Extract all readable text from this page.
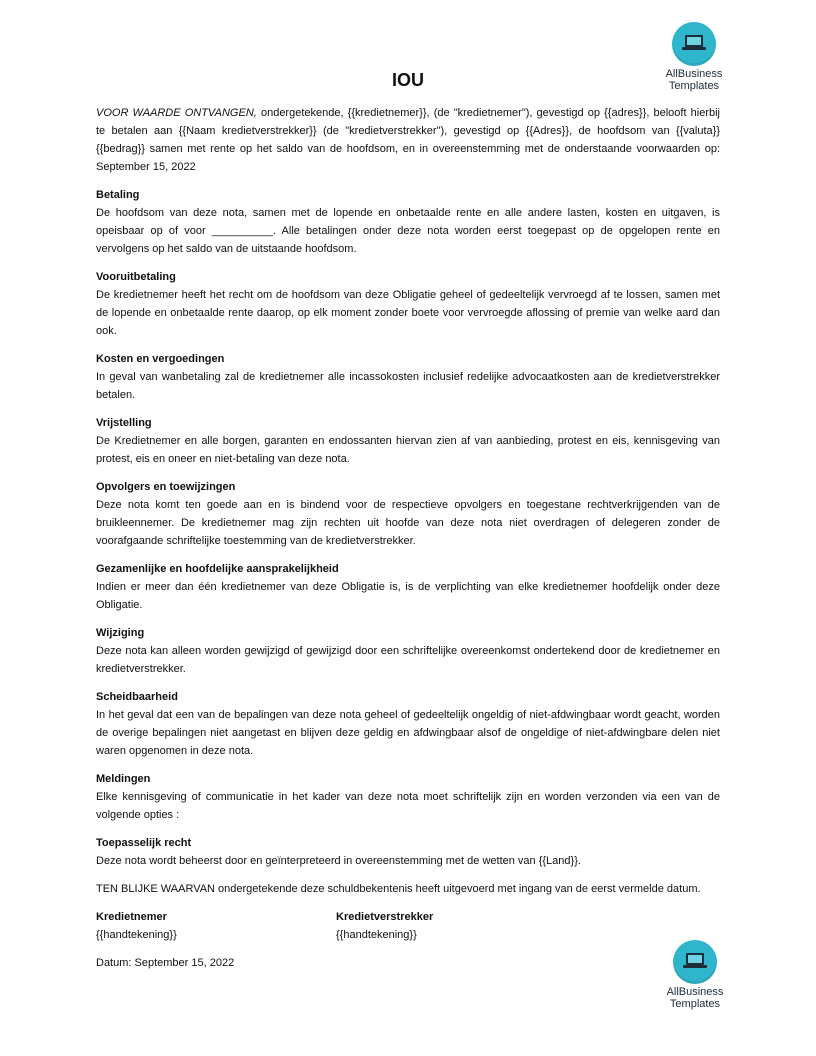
AllBusiness
Templates
IOU

VOOR WAARDE ONTVANGEN, ondergetekende, {{kredietnemer}}, (de "kredietnemer"), gevestigd op {{adres}}, belooft hierbij te betalen aan {{Naam kredietverstrekker}} (de "kredietverstrekker"), gevestigd op {{Adres}}, de hoofdsom van {{valuta}}{{bedrag}} samen met rente op het saldo van de hoofdsom, en in overeenstemming met de onderstaande voorwaarden op: September 15, 2022

Betaling

De hoofdsom van deze nota, samen met de lopende en onbetaalde rente en alle andere lasten, kosten en uitgaven, is opeisbaar op of voor __________. Alle betalingen onder deze nota worden eerst toegepast op de opgelopen rente en vervolgens op het saldo van de uitstaande hoofdsom.

Vooruitbetaling

De kredietnemer heeft het recht om de hoofdsom van deze Obligatie geheel of gedeeltelijk vervroegd af te lossen, samen met de lopende en onbetaalde rente daarop, op elk moment zonder boete voor vervroegde aflossing of premie van welke aard dan ook.

Kosten en vergoedingen

In geval van wanbetaling zal de kredietnemer alle incassokosten inclusief redelijke advocaatkosten aan de kredietverstrekker betalen.

Vrijstelling

De Kredietnemer en alle borgen, garanten en endossanten hiervan zien af van aanbieding, protest en eis, kennisgeving van protest, eis en oneer en niet-betaling van deze nota.

Opvolgers en toewijzingen

Deze nota komt ten goede aan en is bindend voor de respectieve opvolgers en toegestane rechtverkrijgenden van de bruikleennemer. De kredietnemer mag zijn rechten uit hoofde van deze nota niet overdragen of delegeren zonder de voorafgaande schriftelijke toestemming van de kredietverstrekker.

Gezamenlijke en hoofdelijke aansprakelijkheid

Indien er meer dan één kredietnemer van deze Obligatie is, is de verplichting van elke kredietnemer hoofdelijk onder deze Obligatie.

Wijziging

Deze nota kan alleen worden gewijzigd of gewijzigd door een schriftelijke overeenkomst ondertekend door de kredietnemer en kredietverstrekker.

Scheidbaarheid

In het geval dat een van de bepalingen van deze nota geheel of gedeeltelijk ongeldig of niet-afdwingbaar wordt geacht, worden de overige bepalingen niet aangetast en blijven deze geldig en afdwingbaar alsof de ongeldige of niet-afdwingbare delen niet waren opgenomen in deze nota.

Meldingen

Elke kennisgeving of communicatie in het kader van deze nota moet schriftelijk zijn en worden verzonden via een van de volgende opties :

Toepasselijk recht

Deze nota wordt beheerst door en geïnterpreteerd in overeenstemming met de wetten van {{Land}}.

TEN BLIJKE WAARVAN ondergetekende deze schuldbekentenis heeft uitgevoerd met ingang van de eerst vermelde datum.

Kredietnemer
{{handtekening}}
Kredietverstrekker
{{handtekening}}
Datum: September 15, 2022
AllBusiness
Templates
